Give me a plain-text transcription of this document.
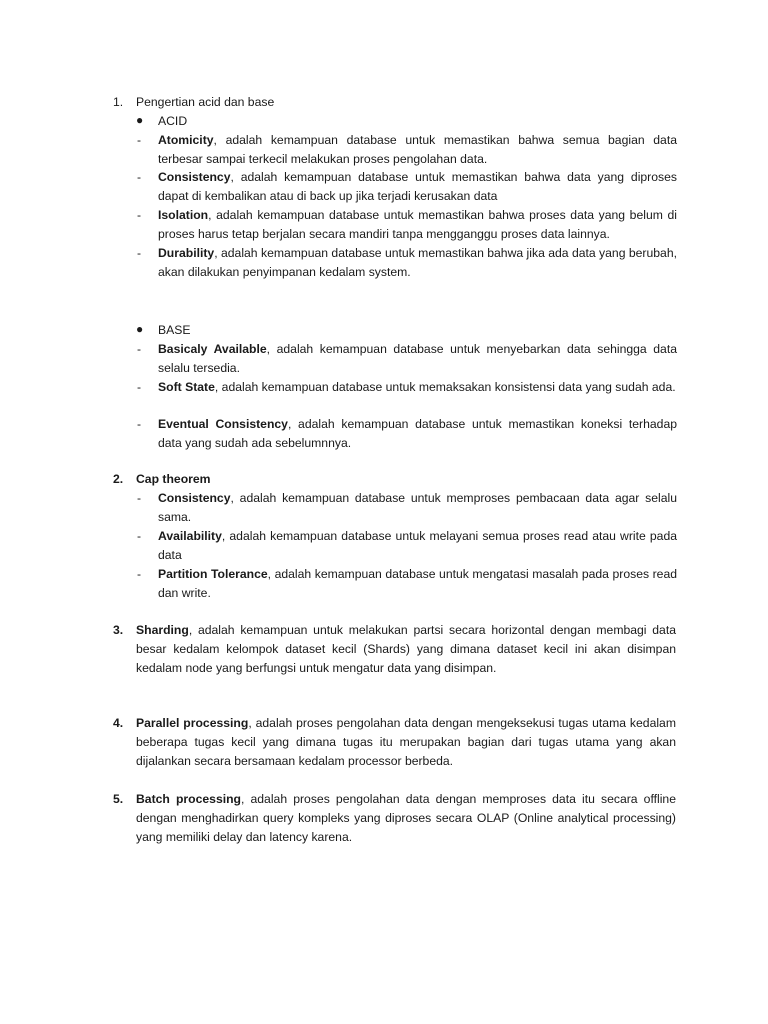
1.	Pengertian acid dan base
● ACID
-	Atomicity, adalah kemampuan database untuk memastikan bahwa semua bagian data terbesar sampai terkecil melakukan proses pengolahan data.
-	Consistency, adalah kemampuan database untuk memastikan bahwa data yang diproses dapat di kembalikan atau di back up jika terjadi kerusakan data
-	Isolation, adalah kemampuan database untuk memastikan bahwa proses data yang belum di proses harus tetap berjalan secara mandiri tanpa mengganggu proses data lainnya.
-	Durability, adalah kemampuan database untuk memastikan bahwa jika ada data yang berubah, akan dilakukan penyimpanan kedalam system.
● BASE
-	Basicaly Available, adalah kemampuan database untuk menyebarkan data sehingga data selalu tersedia.
-	Soft State, adalah kemampuan database untuk memaksakan konsistensi data yang sudah ada.
-	Eventual Consistency, adalah kemampuan database untuk memastikan koneksi terhadap data yang sudah ada sebelumnnya.
2.	Cap theorem
-	Consistency, adalah kemampuan database untuk memproses pembacaan data agar selalu sama.
-	Availability, adalah kemampuan database untuk melayani semua proses read atau write pada data
-	Partition Tolerance, adalah kemampuan database untuk mengatasi masalah pada proses read dan write.
3.	Sharding, adalah kemampuan untuk melakukan partsi secara horizontal dengan membagi data besar kedalam kelompok dataset kecil (Shards) yang dimana dataset kecil ini akan disimpan kedalam node yang berfungsi untuk mengatur data yang disimpan.
4.	Parallel processing, adalah proses pengolahan data dengan mengeksekusi tugas utama kedalam beberapa tugas kecil yang dimana tugas itu merupakan bagian dari tugas utama yang akan dijalankan secara bersamaan kedalam processor berbeda.
5.	Batch processing, adalah proses pengolahan data dengan memproses data itu secara offline dengan menghadirkan query kompleks yang diproses secara OLAP (Online analytical processing) yang memiliki delay dan latency karena.
